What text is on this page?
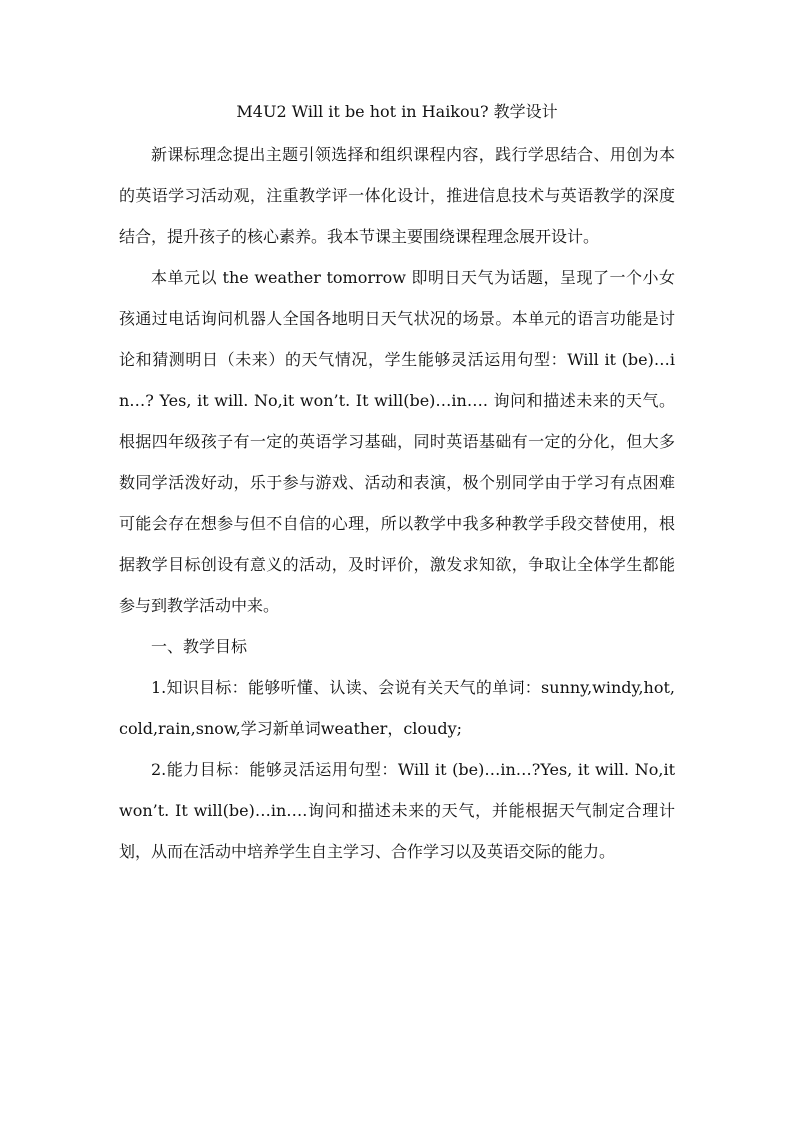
M4U2 Will it be hot in Haikou? 教学设计

新课标理念提出主题引领选择和组织课程内容，践行学思结合、用创为本的英语学习活动观，注重教学评一体化设计，推进信息技术与英语教学的深度结合，提升孩子的核心素养。我本节课主要围绕课程理念展开设计。

本单元以 the weather tomorrow 即明日天气为话题，呈现了一个小女孩通过电话询问机器人全国各地明日天气状况的场景。本单元的语言功能是讨论和猜测明日（未来）的天气情况，学生能够灵活运用句型：Will it (be)…in…? Yes, it will. No,it won’t. It will(be)…in…. 询问和描述未来的天气。根据四年级孩子有一定的英语学习基础，同时英语基础有一定的分化，但大多数同学活泼好动，乐于参与游戏、活动和表演，极个别同学由于学习有点困难可能会存在想参与但不自信的心理，所以教学中我多种教学手段交替使用，根据教学目标创设有意义的活动，及时评价，激发求知欲，争取让全体学生都能参与到教学活动中来。

一、教学目标

1.知识目标：能够听懂、认读、会说有关天气的单词：sunny,windy,hot,cold,rain,snow,学习新单词weather，cloudy;

2.能力目标：能够灵活运用句型：Will it (be)…in…?Yes, it will. No,it won’t. It will(be)…in….询问和描述未来的天气，并能根据天气制定合理计划，从而在活动中培养学生自主学习、合作学习以及英语交际的能力。
